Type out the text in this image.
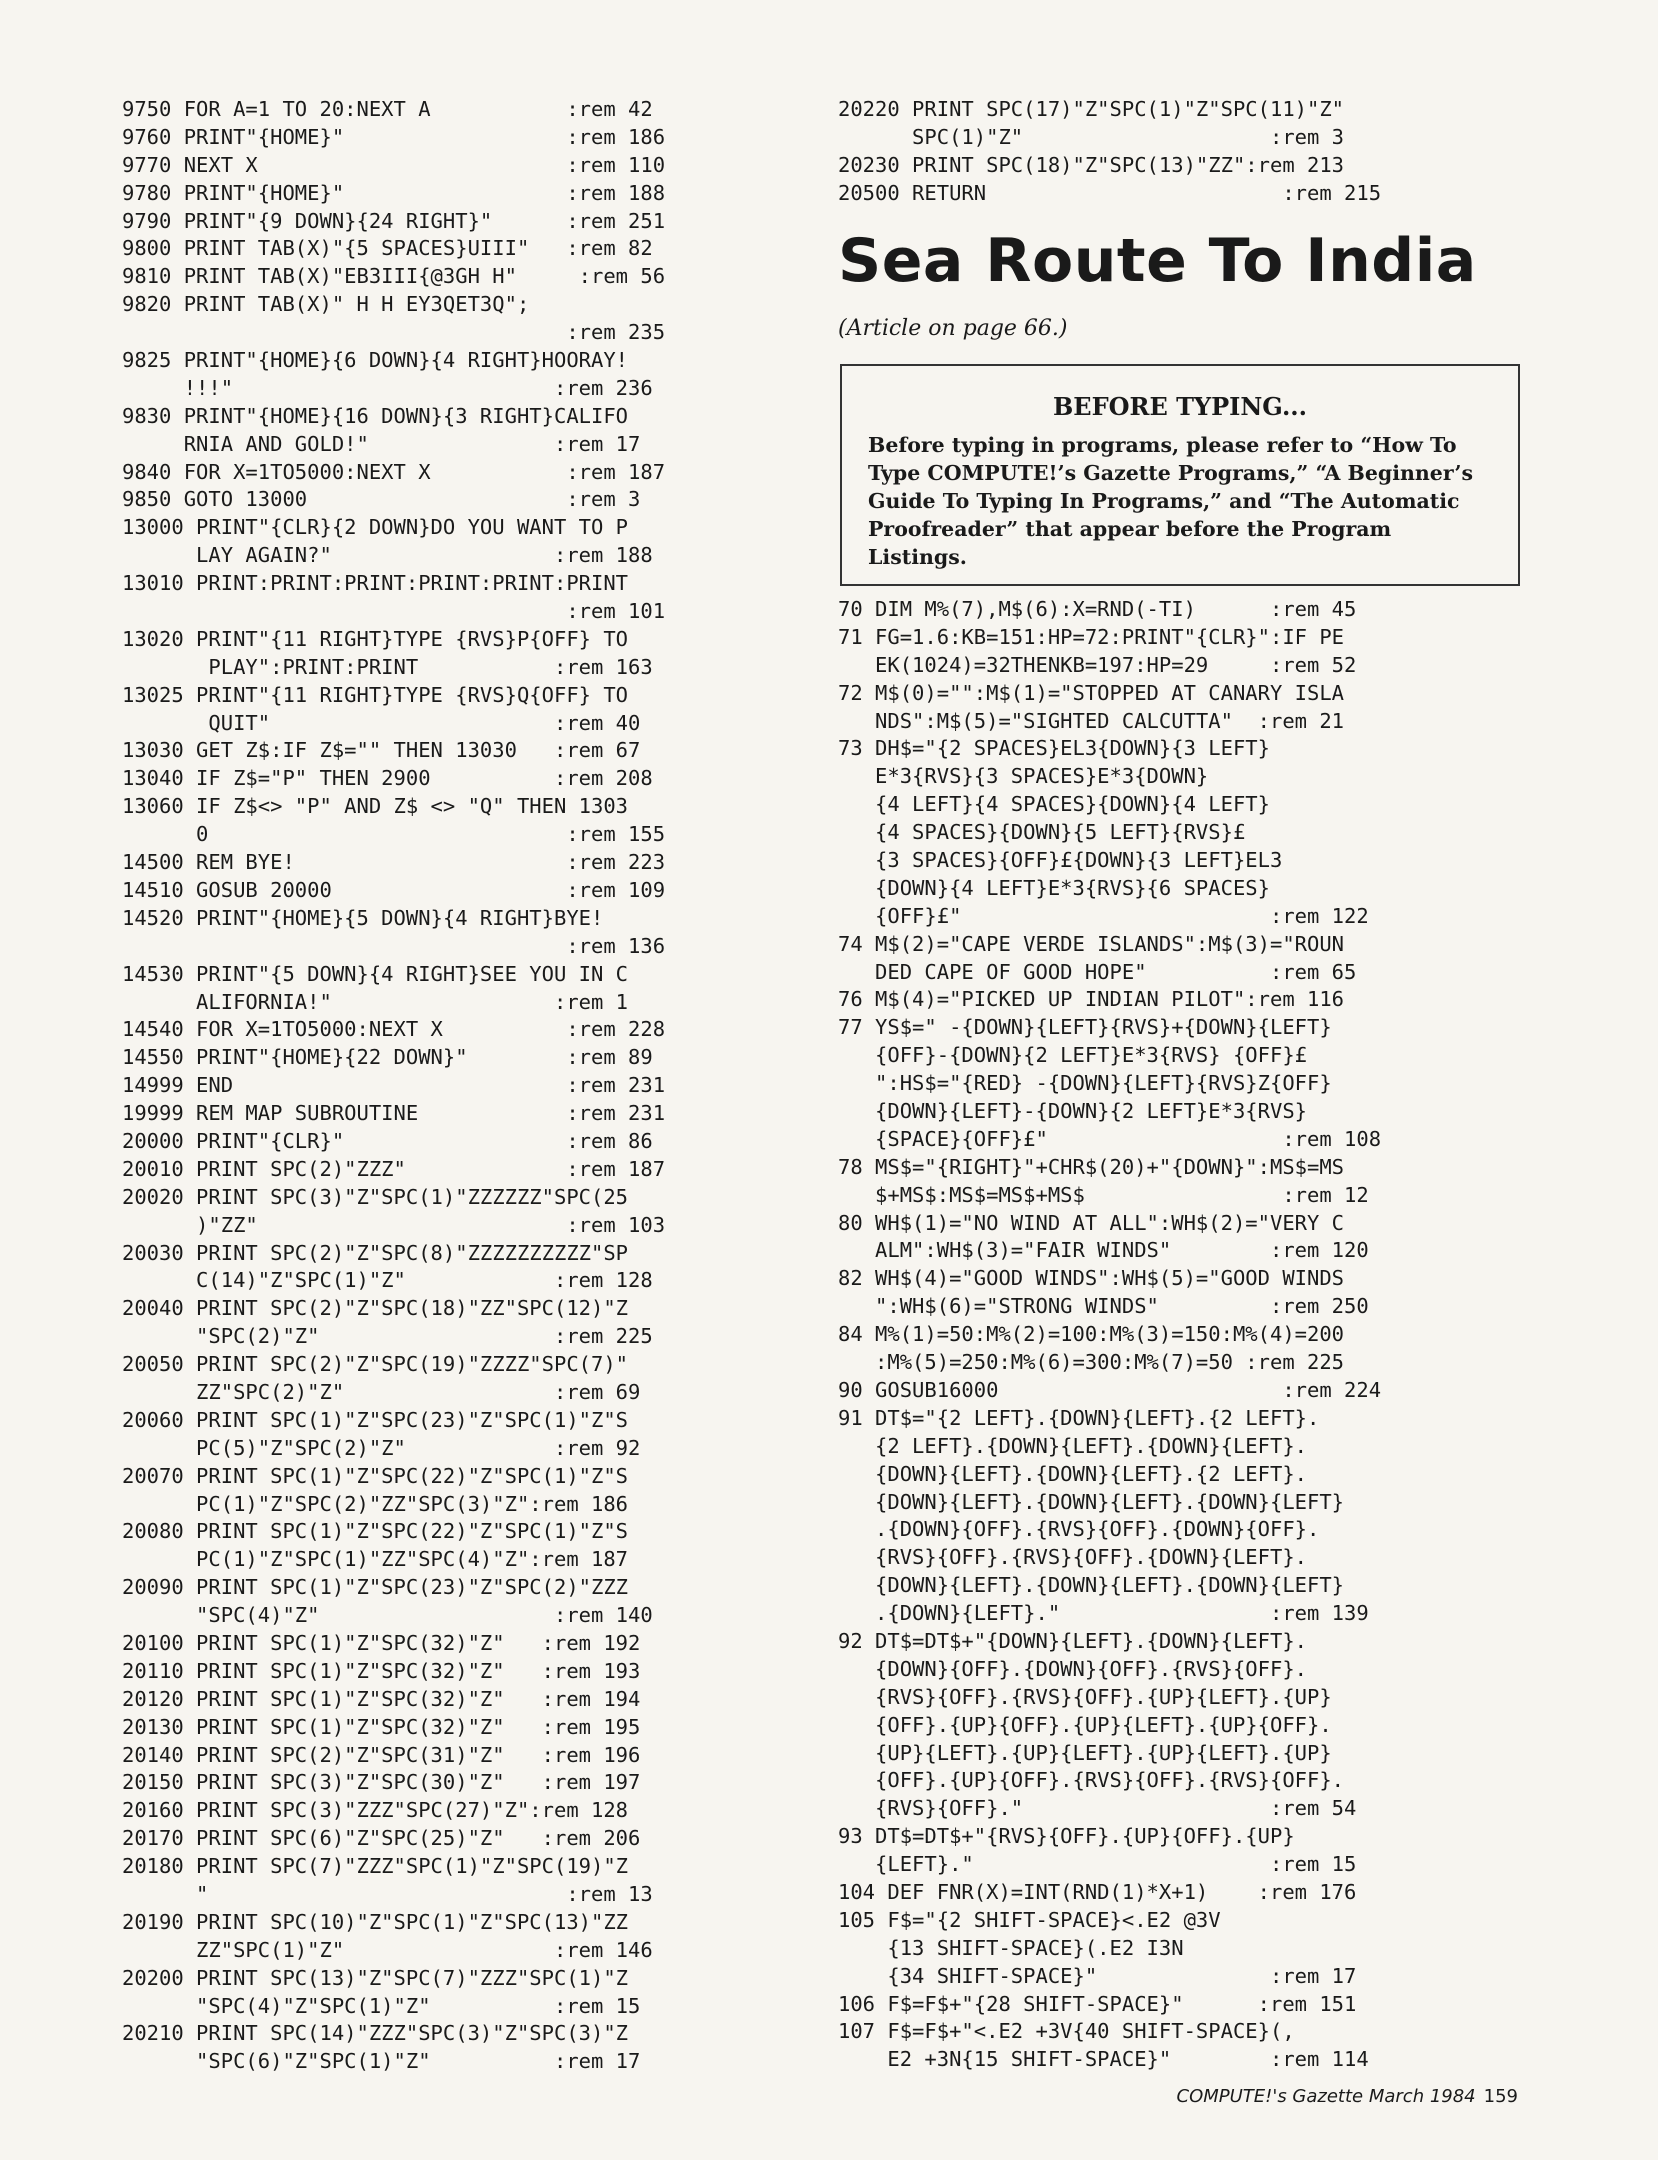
9750 FOR A=1 TO 20:NEXT A           :rem 42
9760 PRINT"{HOME}"                  :rem 186
9770 NEXT X                         :rem 110
9780 PRINT"{HOME}"                  :rem 188
9790 PRINT"{9 DOWN}{24 RIGHT}"      :rem 251
9800 PRINT TAB(X)"{5 SPACES}UIII"   :rem 82
9810 PRINT TAB(X)"EB3III{@3GH H"     :rem 56
9820 PRINT TAB(X)" H H EY3QET3Q";
:rem 235
9825 PRINT"{HOME}{6 DOWN}{4 RIGHT}HOORAY!
!!!"                          :rem 236
9830 PRINT"{HOME}{16 DOWN}{3 RIGHT}CALIFO
RNIA AND GOLD!"               :rem 17
9840 FOR X=1TO5000:NEXT X           :rem 187
9850 GOTO 13000                     :rem 3
13000 PRINT"{CLR}{2 DOWN}DO YOU WANT TO P
LAY AGAIN?"                  :rem 188
13010 PRINT:PRINT:PRINT:PRINT:PRINT:PRINT
:rem 101
13020 PRINT"{11 RIGHT}TYPE {RVS}P{OFF} TO
PLAY":PRINT:PRINT           :rem 163
13025 PRINT"{11 RIGHT}TYPE {RVS}Q{OFF} TO
QUIT"                       :rem 40
13030 GET Z$:IF Z$="" THEN 13030   :rem 67
13040 IF Z$="P" THEN 2900          :rem 208
13060 IF Z$<> "P" AND Z$ <> "Q" THEN 1303
0                             :rem 155
14500 REM BYE!                      :rem 223
14510 GOSUB 20000                   :rem 109
14520 PRINT"{HOME}{5 DOWN}{4 RIGHT}BYE!
:rem 136
14530 PRINT"{5 DOWN}{4 RIGHT}SEE YOU IN C
ALIFORNIA!"                  :rem 1
14540 FOR X=1TO5000:NEXT X          :rem 228
14550 PRINT"{HOME}{22 DOWN}"        :rem 89
14999 END                           :rem 231
19999 REM MAP SUBROUTINE            :rem 231
20000 PRINT"{CLR}"                  :rem 86
20010 PRINT SPC(2)"ZZZ"             :rem 187
20020 PRINT SPC(3)"Z"SPC(1)"ZZZZZZ"SPC(25
)"ZZ"                         :rem 103
20030 PRINT SPC(2)"Z"SPC(8)"ZZZZZZZZZZ"SP
C(14)"Z"SPC(1)"Z"            :rem 128
20040 PRINT SPC(2)"Z"SPC(18)"ZZ"SPC(12)"Z
"SPC(2)"Z"                   :rem 225
20050 PRINT SPC(2)"Z"SPC(19)"ZZZZ"SPC(7)"
ZZ"SPC(2)"Z"                 :rem 69
20060 PRINT SPC(1)"Z"SPC(23)"Z"SPC(1)"Z"S
PC(5)"Z"SPC(2)"Z"            :rem 92
20070 PRINT SPC(1)"Z"SPC(22)"Z"SPC(1)"Z"S
PC(1)"Z"SPC(2)"ZZ"SPC(3)"Z":rem 186
20080 PRINT SPC(1)"Z"SPC(22)"Z"SPC(1)"Z"S
PC(1)"Z"SPC(1)"ZZ"SPC(4)"Z":rem 187
20090 PRINT SPC(1)"Z"SPC(23)"Z"SPC(2)"ZZZ
"SPC(4)"Z"                   :rem 140
20100 PRINT SPC(1)"Z"SPC(32)"Z"   :rem 192
20110 PRINT SPC(1)"Z"SPC(32)"Z"   :rem 193
20120 PRINT SPC(1)"Z"SPC(32)"Z"   :rem 194
20130 PRINT SPC(1)"Z"SPC(32)"Z"   :rem 195
20140 PRINT SPC(2)"Z"SPC(31)"Z"   :rem 196
20150 PRINT SPC(3)"Z"SPC(30)"Z"   :rem 197
20160 PRINT SPC(3)"ZZZ"SPC(27)"Z":rem 128
20170 PRINT SPC(6)"Z"SPC(25)"Z"   :rem 206
20180 PRINT SPC(7)"ZZZ"SPC(1)"Z"SPC(19)"Z
"                             :rem 13
20190 PRINT SPC(10)"Z"SPC(1)"Z"SPC(13)"ZZ
ZZ"SPC(1)"Z"                 :rem 146
20200 PRINT SPC(13)"Z"SPC(7)"ZZZ"SPC(1)"Z
"SPC(4)"Z"SPC(1)"Z"          :rem 15
20210 PRINT SPC(14)"ZZZ"SPC(3)"Z"SPC(3)"Z
"SPC(6)"Z"SPC(1)"Z"          :rem 17
20220 PRINT SPC(17)"Z"SPC(1)"Z"SPC(11)"Z"
SPC(1)"Z"                    :rem 3
20230 PRINT SPC(18)"Z"SPC(13)"ZZ":rem 213
20500 RETURN                        :rem 215
Sea Route To India
(Article on page 66.)
BEFORE TYPING...
Before typing in programs, please refer to “How To Type COMPUTE!’s Gazette Programs,” “A Beginner’s Guide To Typing In Programs,” and “The Automatic Proofreader” that appear before the Program Listings.
70 DIM M%(7),M$(6):X=RND(-TI)      :rem 45
71 FG=1.6:KB=151:HP=72:PRINT"{CLR}":IF PE
EK(1024)=32THENKB=197:HP=29     :rem 52
72 M$(0)="":M$(1)="STOPPED AT CANARY ISLA
NDS":M$(5)="SIGHTED CALCUTTA"  :rem 21
73 DH$="{2 SPACES}EL3{DOWN}{3 LEFT}
E*3{RVS}{3 SPACES}E*3{DOWN}
{4 LEFT}{4 SPACES}{DOWN}{4 LEFT}
{4 SPACES}{DOWN}{5 LEFT}{RVS}£
{3 SPACES}{OFF}£{DOWN}{3 LEFT}EL3
{DOWN}{4 LEFT}E*3{RVS}{6 SPACES}
{OFF}£"                         :rem 122
74 M$(2)="CAPE VERDE ISLANDS":M$(3)="ROUN
DED CAPE OF GOOD HOPE"          :rem 65
76 M$(4)="PICKED UP INDIAN PILOT":rem 116
77 YS$=" -{DOWN}{LEFT}{RVS}+{DOWN}{LEFT}
{OFF}-{DOWN}{2 LEFT}E*3{RVS} {OFF}£
":HS$="{RED} -{DOWN}{LEFT}{RVS}Z{OFF}
{DOWN}{LEFT}-{DOWN}{2 LEFT}E*3{RVS}
{SPACE}{OFF}£"                   :rem 108
78 MS$="{RIGHT}"+CHR$(20)+"{DOWN}":MS$=MS
$+MS$:MS$=MS$+MS$                :rem 12
80 WH$(1)="NO WIND AT ALL":WH$(2)="VERY C
ALM":WH$(3)="FAIR WINDS"        :rem 120
82 WH$(4)="GOOD WINDS":WH$(5)="GOOD WINDS
":WH$(6)="STRONG WINDS"         :rem 250
84 M%(1)=50:M%(2)=100:M%(3)=150:M%(4)=200
:M%(5)=250:M%(6)=300:M%(7)=50 :rem 225
90 GOSUB16000                       :rem 224
91 DT$="{2 LEFT}.{DOWN}{LEFT}.{2 LEFT}.
{2 LEFT}.{DOWN}{LEFT}.{DOWN}{LEFT}.
{DOWN}{LEFT}.{DOWN}{LEFT}.{2 LEFT}.
{DOWN}{LEFT}.{DOWN}{LEFT}.{DOWN}{LEFT}
.{DOWN}{OFF}.{RVS}{OFF}.{DOWN}{OFF}.
{RVS}{OFF}.{RVS}{OFF}.{DOWN}{LEFT}.
{DOWN}{LEFT}.{DOWN}{LEFT}.{DOWN}{LEFT}
.{DOWN}{LEFT}."                 :rem 139
92 DT$=DT$+"{DOWN}{LEFT}.{DOWN}{LEFT}.
{DOWN}{OFF}.{DOWN}{OFF}.{RVS}{OFF}.
{RVS}{OFF}.{RVS}{OFF}.{UP}{LEFT}.{UP}
{OFF}.{UP}{OFF}.{UP}{LEFT}.{UP}{OFF}.
{UP}{LEFT}.{UP}{LEFT}.{UP}{LEFT}.{UP}
{OFF}.{UP}{OFF}.{RVS}{OFF}.{RVS}{OFF}.
{RVS}{OFF}."                    :rem 54
93 DT$=DT$+"{RVS}{OFF}.{UP}{OFF}.{UP}
{LEFT}."                        :rem 15
104 DEF FNR(X)=INT(RND(1)*X+1)    :rem 176
105 F$="{2 SHIFT-SPACE}<.E2 @3V
{13 SHIFT-SPACE}(.E2 I3N
{34 SHIFT-SPACE}"              :rem 17
106 F$=F$+"{28 SHIFT-SPACE}"      :rem 151
107 F$=F$+"<.E2 +3V{40 SHIFT-SPACE}(,
E2 +3N{15 SHIFT-SPACE}"        :rem 114
COMPUTE!'s Gazette March 1984 159
